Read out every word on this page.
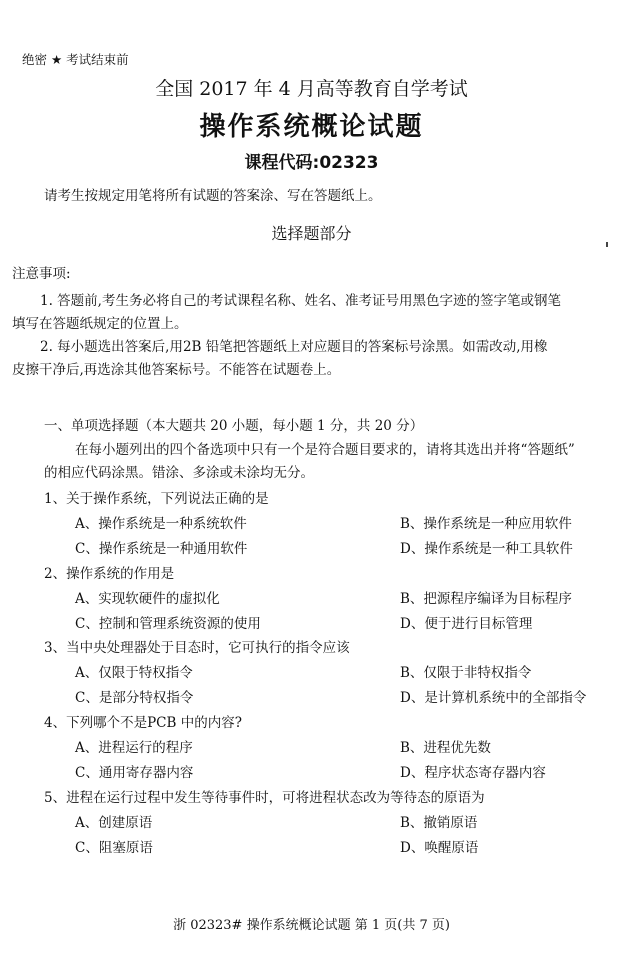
绝密 ★ 考试结束前
全国 2017 年 4 月高等教育自学考试
操作系统概论试题
课程代码:02323
请考生按规定用笔将所有试题的答案涂、写在答题纸上。
选择题部分
注意事项:
1. 答题前,考生务必将自己的考试课程名称、姓名、准考证号用黑色字迹的签字笔或钢笔
填写在答题纸规定的位置上。
2. 每小题选出答案后,用2B 铅笔把答题纸上对应题目的答案标号涂黑。如需改动,用橡
皮擦干净后,再选涂其他答案标号。不能答在试题卷上。
一、单项选择题（本大题共 20 小题，每小题 1 分，共 20 分）
在每小题列出的四个备选项中只有一个是符合题目要求的，请将其选出并将“答题纸”
的相应代码涂黑。错涂、多涂或未涂均无分。
1、关于操作系统，下列说法正确的是
A、操作系统是一种系统软件	B、操作系统是一种应用软件
C、操作系统是一种通用软件	D、操作系统是一种工具软件
2、操作系统的作用是
A、实现软硬件的虚拟化	B、把源程序编译为目标程序
C、控制和管理系统资源的使用	D、便于进行目标管理
3、当中央处理器处于目态时，它可执行的指令应该
A、仅限于特权指令	B、仅限于非特权指令
C、是部分特权指令	D、是计算机系统中的全部指令
4、下列哪个不是PCB 中的内容?
A、进程运行的程序	B、进程优先数
C、通用寄存器内容	D、程序状态寄存器内容
5、进程在运行过程中发生等待事件时，可将进程状态改为等待态的原语为
A、创建原语	B、撤销原语
C、阻塞原语	D、唤醒原语
浙 02323# 操作系统概论试题 第 1 页(共 7 页)
